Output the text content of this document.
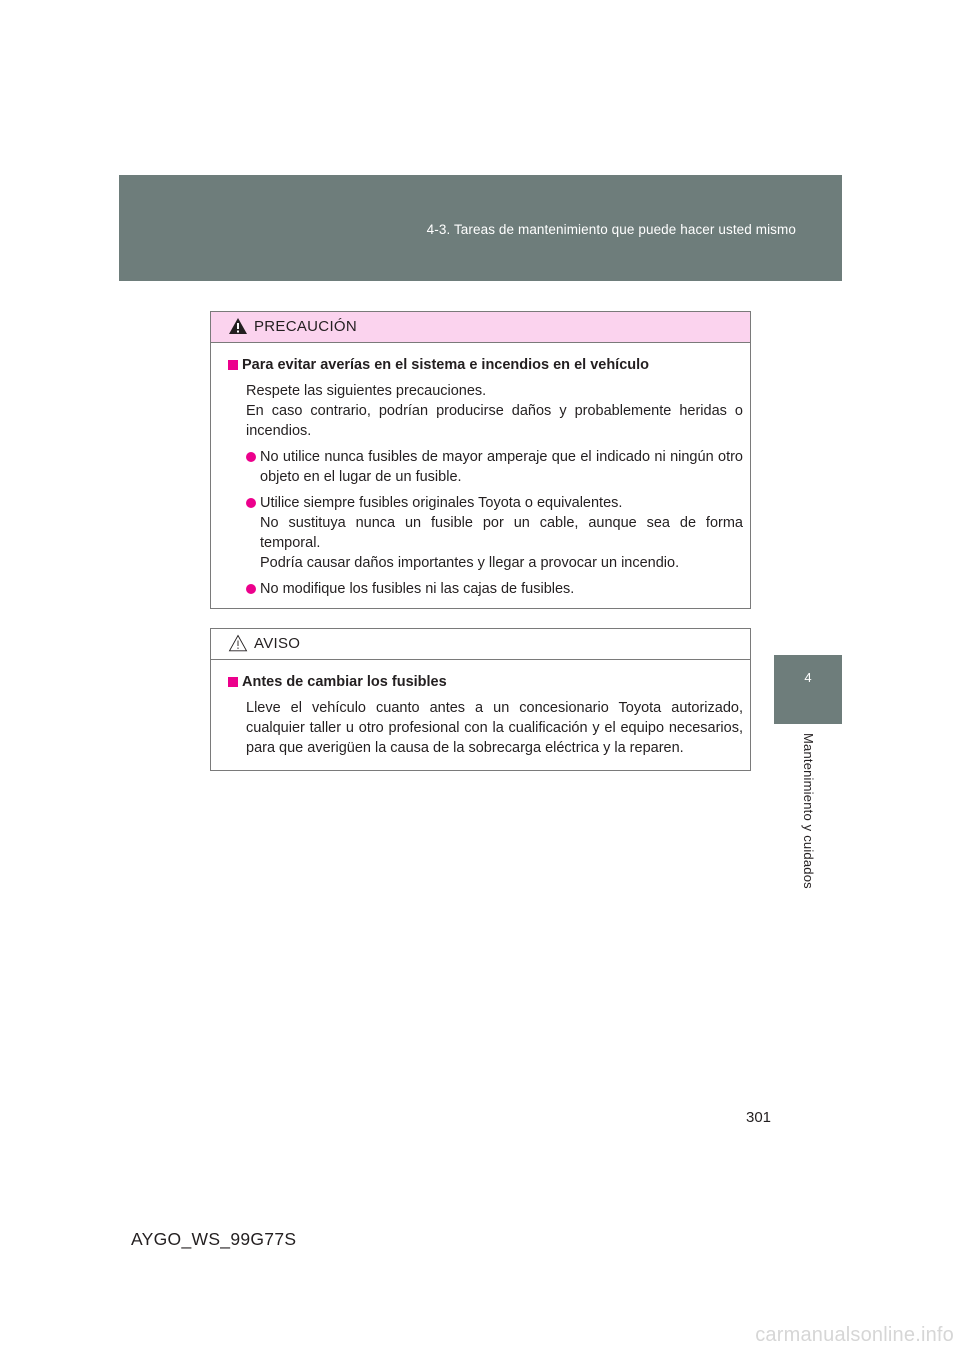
4-3. Tareas de mantenimiento que puede hacer usted mismo
4
Mantenimiento y cuidados
PRECAUCIÓN
Para evitar averías en el sistema e incendios en el vehículo
Respete las siguientes precauciones.
En caso contrario, podrían producirse daños y probablemente heridas o
incendios.
No utilice nunca fusibles de mayor amperaje que el indicado ni ningún otro
objeto en el lugar de un fusible.
Utilice siempre fusibles originales Toyota o equivalentes.
No sustituya nunca un fusible por un cable, aunque sea de forma
temporal.
Podría causar daños importantes y llegar a provocar un incendio.
No modifique los fusibles ni las cajas de fusibles.
AVISO
Antes de cambiar los fusibles
Lleve el vehículo cuanto antes a un concesionario Toyota autorizado,
cualquier taller u otro profesional con la cualificación y el equipo necesarios,
para que averigüen la causa de la sobrecarga eléctrica y la reparen.
301
AYGO_WS_99G77S
carmanualsonline.info
